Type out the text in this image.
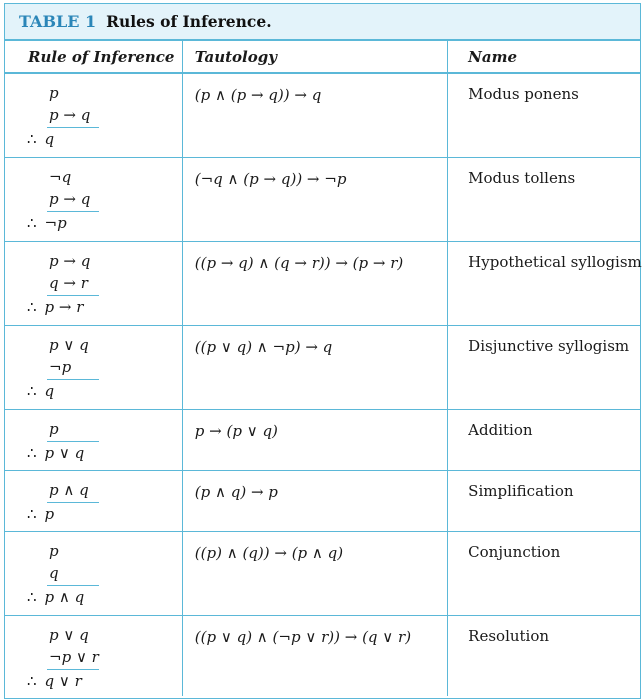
TABLE 1 Rules of Inference.
Rule of Inference	Tautology	Name

p
p → q
∴ q	(p ∧ (p → q)) → q	Modus ponens

¬q
p → q
∴ ¬p	(¬q ∧ (p → q)) → ¬p	Modus tollens

p → q
q → r
∴ p → r	((p → q) ∧ (q → r)) → (p → r)	Hypothetical syllogism

p ∨ q
¬p
∴ q	((p ∨ q) ∧ ¬p) → q	Disjunctive syllogism

p
∴ p ∨ q	p → (p ∨ q)	Addition

p ∧ q
∴ p	(p ∧ q) → p	Simplification

p
q
∴ p ∧ q	((p) ∧ (q)) → (p ∧ q)	Conjunction

p ∨ q
¬p ∨ r
∴ q ∨ r	((p ∨ q) ∧ (¬p ∨ r)) → (q ∨ r)	Resolution
